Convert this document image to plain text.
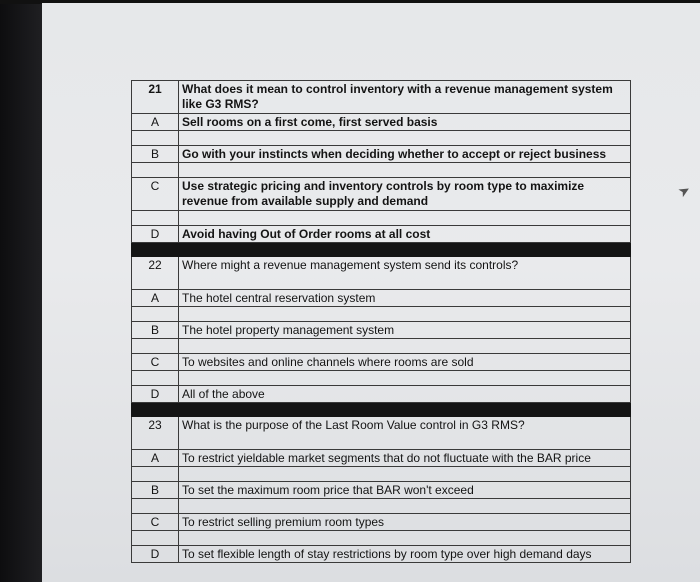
➤
21	What does it mean to control inventory with a revenue management system like G3 RMS?
A	Sell rooms on a first come, first served basis

B	Go with your instincts when deciding whether to accept or reject business

C	Use strategic pricing and inventory controls by room type to maximize revenue from available supply and demand

D	Avoid having Out of Order rooms at all cost

22	Where might a revenue management system send its controls?
A	The hotel central reservation system

B	The hotel property management system

C	To websites and online channels where rooms are sold

D	All of the above

23	What is the purpose of the Last Room Value control in G3 RMS?
A	To restrict yieldable market segments that do not fluctuate with the BAR price

B	To set the maximum room price that BAR won't exceed

C	To restrict selling premium room types

D	To set flexible length of stay restrictions by room type over high demand days
